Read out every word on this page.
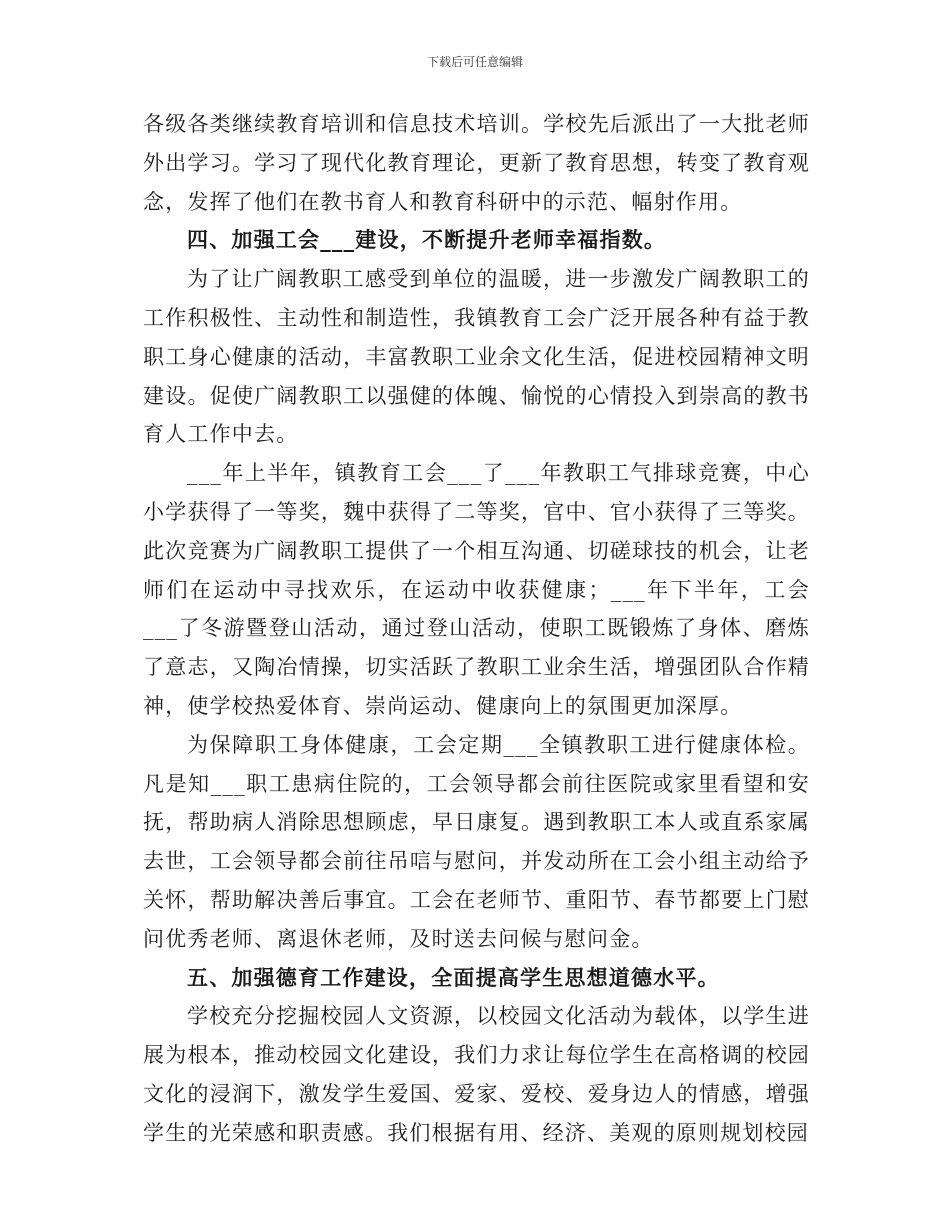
下载后可任意编辑

各级各类继续教育培训和信息技术培训。学校先后派出了一大批老师外出学习。学习了现代化教育理论，更新了教育思想，转变了教育观念，发挥了他们在教书育人和教育科研中的示范、幅射作用。

四、加强工会___建设，不断提升老师幸福指数。

为了让广阔教职工感受到单位的温暖，进一步激发广阔教职工的工作积极性、主动性和制造性，我镇教育工会广泛开展各种有益于教职工身心健康的活动，丰富教职工业余文化生活，促进校园精神文明建设。促使广阔教职工以强健的体魄、愉悦的心情投入到崇高的教书育人工作中去。

___年上半年，镇教育工会___了___年教职工气排球竞赛，中心小学获得了一等奖，魏中获得了二等奖，官中、官小获得了三等奖。此次竞赛为广阔教职工提供了一个相互沟通、切磋球技的机会，让老师们在运动中寻找欢乐，在运动中收获健康；___年下半年，工会___了冬游暨登山活动，通过登山活动，使职工既锻炼了身体、磨炼了意志，又陶冶情操，切实活跃了教职工业余生活，增强团队合作精神，使学校热爱体育、崇尚运动、健康向上的氛围更加深厚。

为保障职工身体健康，工会定期___全镇教职工进行健康体检。凡是知___职工患病住院的，工会领导都会前往医院或家里看望和安抚，帮助病人消除思想顾虑，早日康复。遇到教职工本人或直系家属去世，工会领导都会前往吊唁与慰问，并发动所在工会小组主动给予关怀，帮助解决善后事宜。工会在老师节、重阳节、春节都要上门慰问优秀老师、离退休老师，及时送去问候与慰问金。

五、加强德育工作建设，全面提高学生思想道德水平。

学校充分挖掘校园人文资源，以校园文化活动为载体，以学生进展为根本，推动校园文化建设，我们力求让每位学生在高格调的校园文化的浸润下，激发学生爱国、爱家、爱校、爱身边人的情感，增强学生的光荣感和职责感。我们根据有用、经济、美观的原则规划校园
